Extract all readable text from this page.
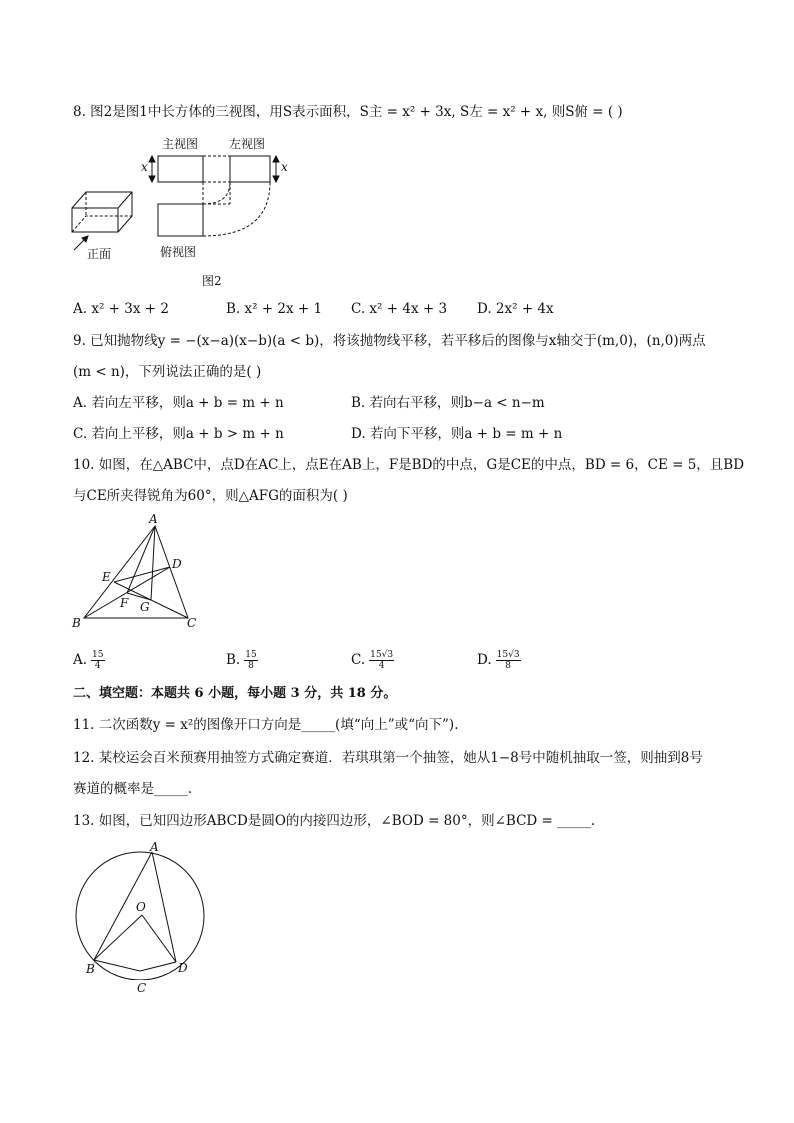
8. 图2是图1中长方体的三视图，用S表示面积，S主 = x² + 3x, S左 = x² + x, 则S俯 = ( )
主视图	左视图
俯视图
正面
图2
x	x
A. x² + 3x + 2	B. x² + 2x + 1 C. x² + 4x + 3 D. 2x² + 4x
9. 已知抛物线y = −(x−a)(x−b)(a < b)，将该抛物线平移，若平移后的图像与x轴交于(m,0)，(n,0)两点
(m < n)，下列说法正确的是( )
A. 若向左平移，则a + b = m + n	B. 若向右平移，则b−a < n−m
C. 若向上平移，则a + b > m + n	D. 若向下平移，则a + b = m + n
10. 如图，在△ABC中，点D在AC上，点E在AB上，F是BD的中点，G是CE的中点，BD = 6，CE = 5，且BD
与CE所夹得锐角为60°，则△AFG的面积为( )
A
B	C
D
E
F G
A. $\frac{15}{4}$	B. $\frac{15}{8}$	C. $\frac{15√3}{4}$	D. $\frac{15√3}{8}$
二、填空题：本题共 6 小题，每小题 3 分，共 18 分。
11. 二次函数y = x²的图像开口方向是_____(填“向上”或“向下”).
12. 某校运会百米预赛用抽签方式确定赛道．若琪琪第一个抽签，她从1−8号中随机抽取一签，则抽到8号
赛道的概率是_____.
13. 如图，已知四边形ABCD是圆O的内接四边形，∠BOD = 80°，则∠BCD = _____.
A
B
C
D
O
